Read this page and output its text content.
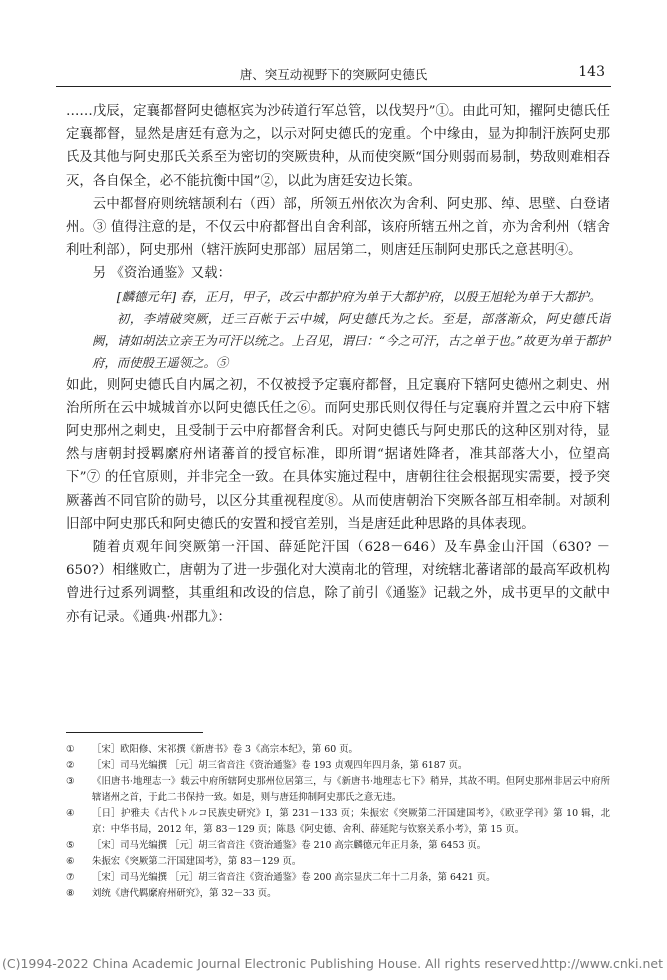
唐、突互动视野下的突厥阿史德氏	143

……戊辰，定襄都督阿史德枢宾为沙砖道行军总管，以伐契丹”①。由此可知，擢阿史德氏任定襄都督，显然是唐廷有意为之，以示对阿史德氏的宠重。个中缘由，显为抑制汗族阿史那氏及其他与阿史那氏关系至为密切的突厥贵种，从而使突厥“国分则弱而易制，势敌则难相吞灭，各自保全，必不能抗衡中国”②，以此为唐廷安边长策。

云中都督府则统辖颉利右（西）部，所领五州依次为舍利、阿史那、绰、思壁、白登诸州。③ 值得注意的是，不仅云中府都督出自舍利部，该府所辖五州之首，亦为舍利州（辖舍利吐利部），阿史那州（辖汗族阿史那部）屈居第二，则唐廷压制阿史那氏之意甚明④。

另 《资治通鉴》又载：

[麟德元年] 春，正月，甲子，改云中都护府为单于大都护府，以殷王旭轮为单于大都护。
初，李靖破突厥，迁三百帐于云中城，阿史德氏为之长。至是，部落渐众，阿史德氏诣阙，请如胡法立亲王为可汗以统之。上召见，谓曰：“今之可汗，古之单于也。”故更为单于都护府，而使殷王遥领之。⑤

如此，则阿史德氏自内属之初，不仅被授予定襄府都督，且定襄府下辖阿史德州之刺史、州治所所在云中城城首亦以阿史德氏任之⑥。而阿史那氏则仅得任与定襄府并置之云中府下辖阿史那州之刺史，且受制于云中府都督舍利氏。对阿史德氏与阿史那氏的这种区别对待，显然与唐朝封授羁縻府州诸蕃首的授官标准，即所谓“据诸姓降者，准其部落大小，位望高下”⑦ 的任官原则，并非完全一致。在具体实施过程中，唐朝往往会根据现实需要，授予突厥蕃酋不同官阶的勋号，以区分其重视程度⑧。从而使唐朝治下突厥各部互相牵制。对颉利旧部中阿史那氏和阿史德氏的安置和授官差别，当是唐廷此种思路的具体表现。

随着贞观年间突厥第一汗国、薛延陀汗国（628－646）及车鼻金山汗国（630? －650?）相继败亡，唐朝为了进一步强化对大漠南北的管理，对统辖北蕃诸部的最高军政机构曾进行过系列调整，其重组和改设的信息，除了前引《通鉴》记载之外，成书更早的文献中亦有记录。《通典·州郡九》：

①	［宋］欧阳修、宋祁撰《新唐书》卷 3《高宗本纪》，第 60 页。
②	［宋］司马光编撰 ［元］胡三省音注《资治通鉴》卷 193 贞观四年四月条，第 6187 页。
③	《旧唐书·地理志一》载云中府所辖阿史那州位居第三，与《新唐书·地理志七下》稍异，其故不明。但阿史那州非居云中府所辖诸州之首，于此二书保持一致。如是，则与唐廷抑制阿史那氏之意无违。
④	［日］护雅夫《古代トルコ民族史研究》Ⅰ，第 231－133 页；朱振宏《突厥第二汗国建国考》，《欧亚学刊》第 10 辑，北京：中华书局，2012 年，第 83－129 页；陈恳《阿史德、舍利、薛延陀与钦察关系小考》，第 15 页。
⑤	［宋］司马光编撰 ［元］胡三省音注《资治通鉴》卷 210 高宗麟德元年正月条，第 6453 页。
⑥	朱振宏《突厥第二汗国建国考》，第 83－129 页。
⑦	［宋］司马光编撰 ［元］胡三省音注《资治通鉴》卷 200 高宗显庆二年十二月条，第 6421 页。
⑧	刘统《唐代羁縻府州研究》，第 32－33 页。
(C)1994-2022 China Academic Journal Electronic Publishing House. All rights reserved.
http://www.cnki.net
